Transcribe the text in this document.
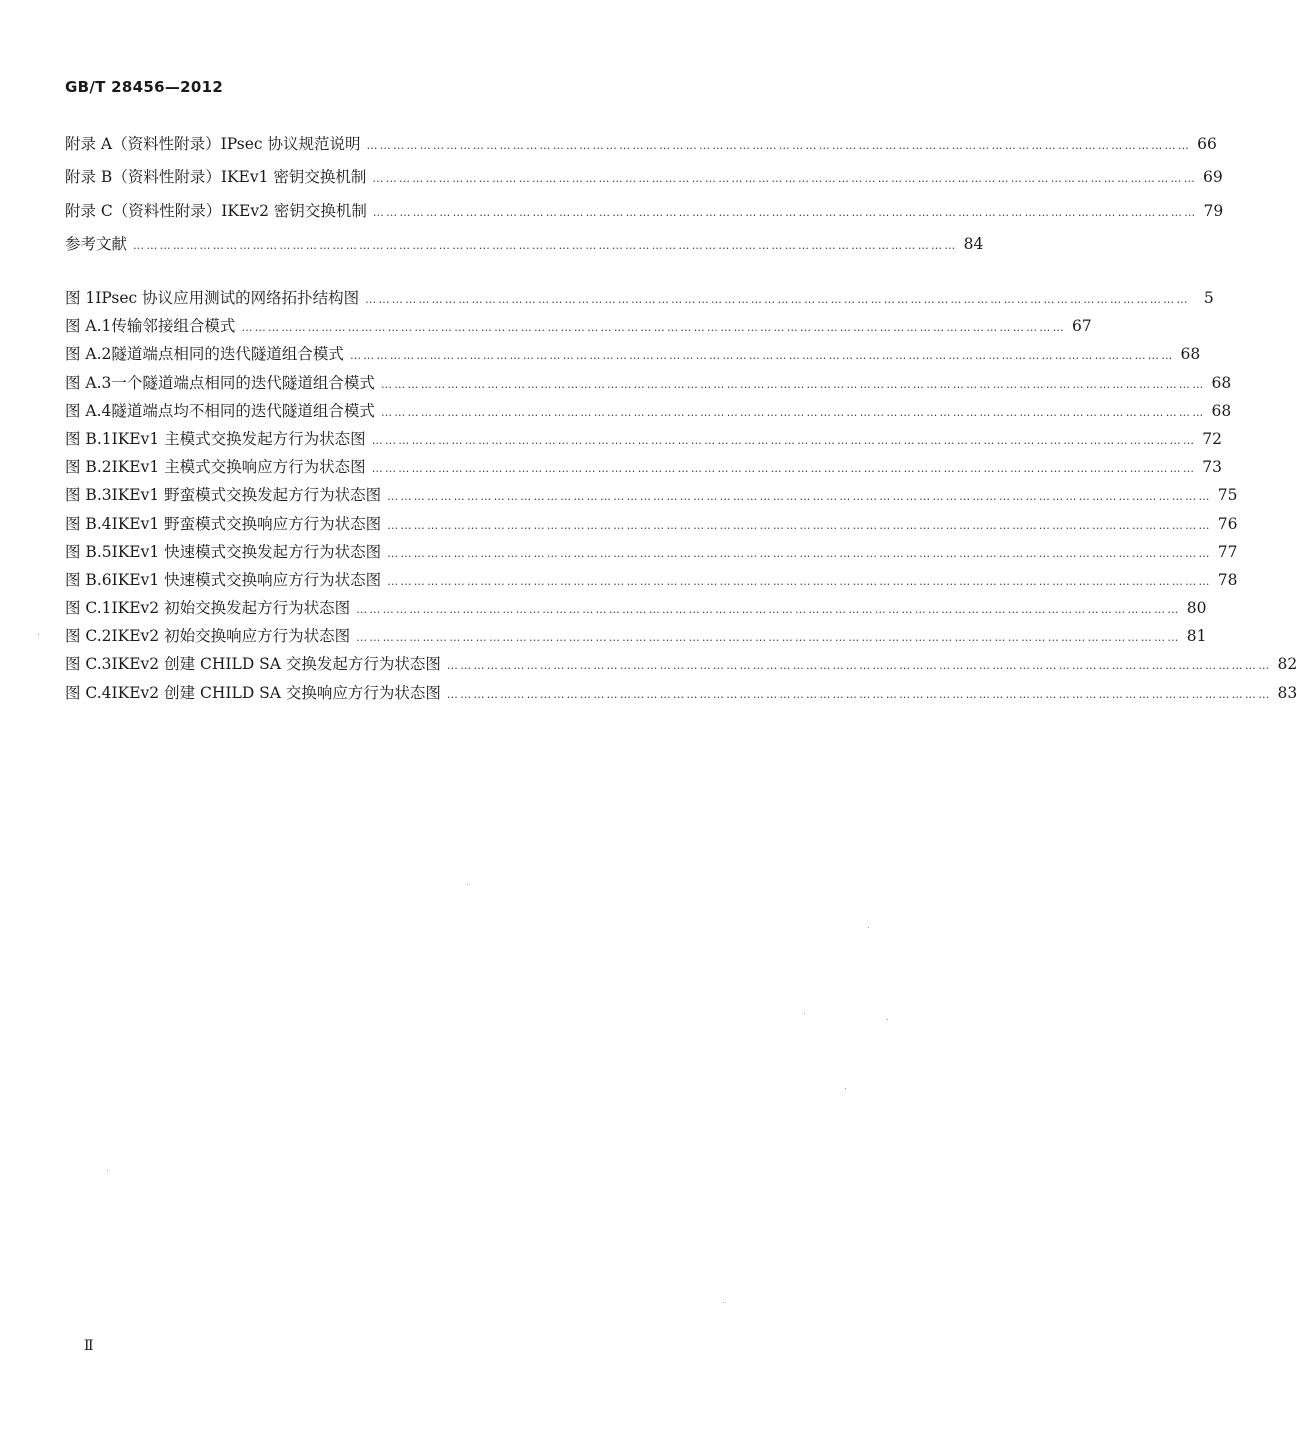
GB/T 28456—2012
附录 A（资料性附录） IPsec 协议规范说明 …………………………………………………………………………………………………………………………………………………………………… 66
附录 B（资料性附录） IKEv1 密钥交换机制 …………………………………………………………………………………………………………………………………………………………………… 69
附录 C（资料性附录） IKEv2 密钥交换机制 …………………………………………………………………………………………………………………………………………………………………… 79
参考文献 …………………………………………………………………………………………………………………………………………………………………… 84
图 1 IPsec 协议应用测试的网络拓扑结构图 …………………………………………………………………………………………………………………………………………………………………… 5
图 A.1 传输邻接组合模式 …………………………………………………………………………………………………………………………………………………………………… 67
图 A.2 隧道端点相同的迭代隧道组合模式 …………………………………………………………………………………………………………………………………………………………………… 68
图 A.3 一个隧道端点相同的迭代隧道组合模式 …………………………………………………………………………………………………………………………………………………………………… 68
图 A.4 隧道端点均不相同的迭代隧道组合模式 …………………………………………………………………………………………………………………………………………………………………… 68
图 B.1 IKEv1 主模式交换发起方行为状态图 …………………………………………………………………………………………………………………………………………………………………… 72
图 B.2 IKEv1 主模式交换响应方行为状态图 …………………………………………………………………………………………………………………………………………………………………… 73
图 B.3 IKEv1 野蛮模式交换发起方行为状态图 …………………………………………………………………………………………………………………………………………………………………… 75
图 B.4 IKEv1 野蛮模式交换响应方行为状态图 …………………………………………………………………………………………………………………………………………………………………… 76
图 B.5 IKEv1 快速模式交换发起方行为状态图 …………………………………………………………………………………………………………………………………………………………………… 77
图 B.6 IKEv1 快速模式交换响应方行为状态图 …………………………………………………………………………………………………………………………………………………………………… 78
图 C.1 IKEv2 初始交换发起方行为状态图 …………………………………………………………………………………………………………………………………………………………………… 80
图 C.2 IKEv2 初始交换响应方行为状态图 …………………………………………………………………………………………………………………………………………………………………… 81
图 C.3 IKEv2 创建 CHILD SA 交换发起方行为状态图 …………………………………………………………………………………………………………………………………………………………………… 82
图 C.4 IKEv2 创建 CHILD SA 交换响应方行为状态图 …………………………………………………………………………………………………………………………………………………………………… 83
Ⅱ
